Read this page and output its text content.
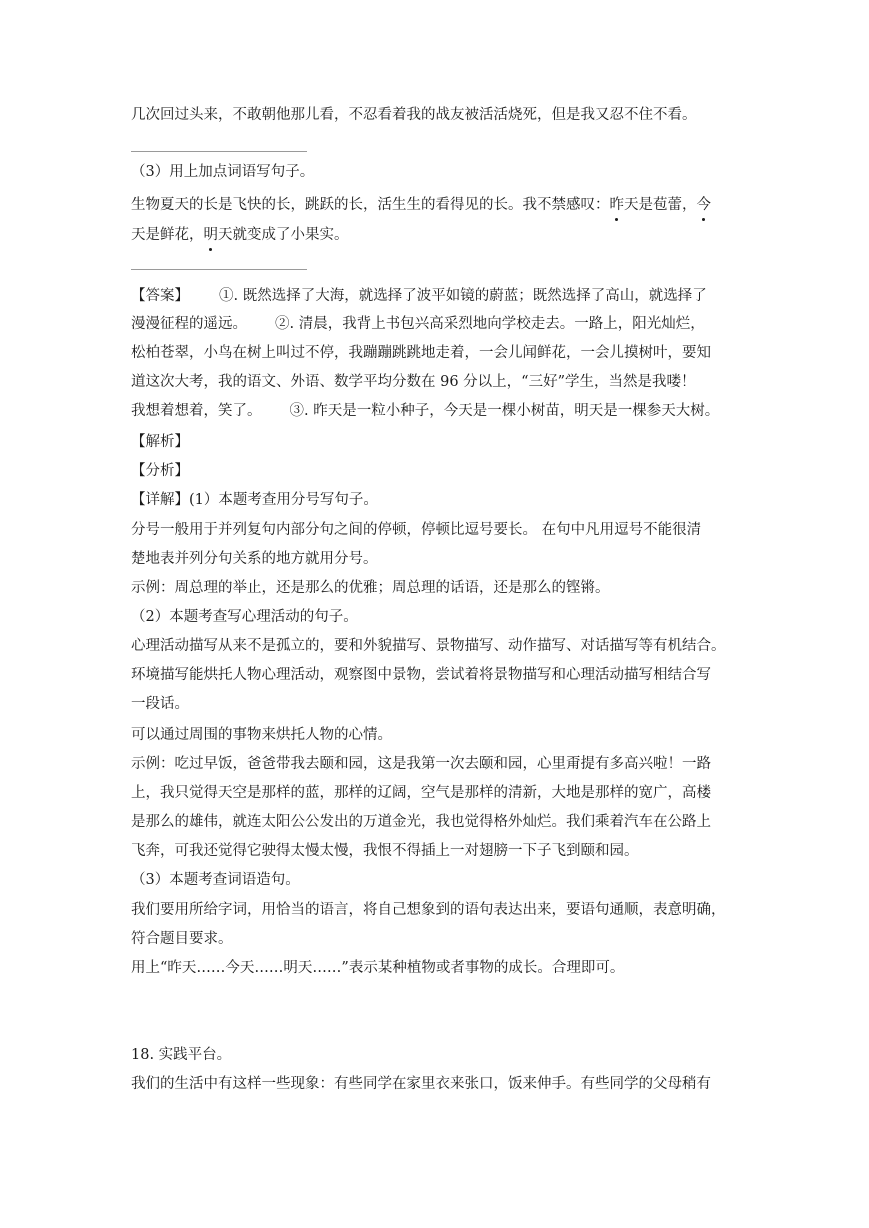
几次回过头来，不敢朝他那儿看，不忍看着我的战友被活活烧死，但是我又忍不住不看。
（3）用上加点词语写句子。
生物夏天的长是飞快的长，跳跃的长，活生生的看得见的长。我不禁感叹：昨天是苞蕾，今
天是鲜花，明天就变成了小果实。
【答案】 ①. 既然选择了大海，就选择了波平如镜的蔚蓝；既然选择了高山，就选择了
漫漫征程的遥远。 ②. 清晨，我背上书包兴高采烈地向学校走去。一路上，阳光灿烂，
松柏苍翠，小鸟在树上叫过不停，我蹦蹦跳跳地走着，一会儿闻鲜花，一会儿摸树叶，要知
道这次大考，我的语文、外语、数学平均分数在 96 分以上，“三好”学生，当然是我喽！
我想着想着，笑了。 ③. 昨天是一粒小种子，今天是一棵小树苗，明天是一棵参天大树。
【解析】
【分析】
【详解】(1）本题考查用分号写句子。
分号一般用于并列复句内部分句之间的停顿，停顿比逗号要长。 在句中凡用逗号不能很清
楚地表并列分句关系的地方就用分号。
示例：周总理的举止，还是那么的优雅；周总理的话语，还是那么的铿锵。
（2）本题考查写心理活动的句子。
心理活动描写从来不是孤立的，要和外貌描写、景物描写、动作描写、对话描写等有机结合。
环境描写能烘托人物心理活动，观察图中景物，尝试着将景物描写和心理活动描写相结合写
一段话。
可以通过周围的事物来烘托人物的心情。
示例：吃过早饭，爸爸带我去颐和园，这是我第一次去颐和园，心里甭提有多高兴啦！一路
上，我只觉得天空是那样的蓝，那样的辽阔，空气是那样的清新，大地是那样的宽广，高楼
是那么的雄伟，就连太阳公公发出的万道金光，我也觉得格外灿烂。我们乘着汽车在公路上
飞奔，可我还觉得它驶得太慢太慢，我恨不得插上一对翅膀一下子飞到颐和园。
（3）本题考查词语造句。
我们要用所给字词，用恰当的语言，将自己想象到的语句表达出来，要语句通顺，表意明确，
符合题目要求。
用上“昨天……今天……明天……”表示某种植物或者事物的成长。合理即可。
18. 实践平台。
我们的生活中有这样一些现象：有些同学在家里衣来张口，饭来伸手。有些同学的父母稍有
